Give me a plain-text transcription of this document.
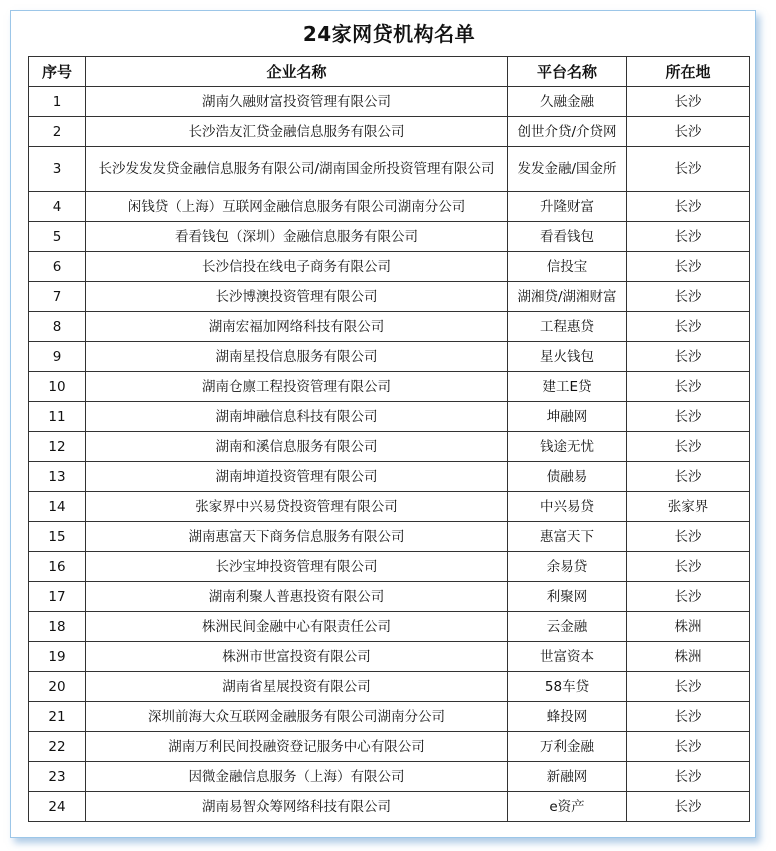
24家网贷机构名单			
序号	企业名称	平台名称	所在地
1	湖南久融财富投资管理有限公司	久融金融	长沙
2	长沙浩友汇贷金融信息服务有限公司	创世介贷/介贷网	长沙
3	长沙发发发贷金融信息服务有限公司/湖南国金所投资管理有限公司	发发金融/国金所	长沙
4	闲钱贷（上海）互联网金融信息服务有限公司湖南分公司	升隆财富	长沙
5	看看钱包（深圳）金融信息服务有限公司	看看钱包	长沙
6	长沙信投在线电子商务有限公司	信投宝	长沙
7	长沙博澳投资管理有限公司	湖湘贷/湖湘财富	长沙
8	湖南宏福加网络科技有限公司	工程惠贷	长沙
9	湖南星投信息服务有限公司	星火钱包	长沙
10	湖南仓廪工程投资管理有限公司	建工E贷	长沙
11	湖南坤融信息科技有限公司	坤融网	长沙
12	湖南和溪信息服务有限公司	钱途无忧	长沙
13	湖南坤道投资管理有限公司	债融易	长沙
14	张家界中兴易贷投资管理有限公司	中兴易贷	张家界
15	湖南惠富天下商务信息服务有限公司	惠富天下	长沙
16	长沙宝坤投资管理有限公司	余易贷	长沙
17	湖南利聚人普惠投资有限公司	利聚网	长沙
18	株洲民间金融中心有限责任公司	云金融	株洲
19	株洲市世富投资有限公司	世富资本	株洲
20	湖南省星展投资有限公司	58车贷	长沙
21	深圳前海大众互联网金融服务有限公司湖南分公司	蜂投网	长沙
22	湖南万利民间投融资登记服务中心有限公司	万利金融	长沙
23	因微金融信息服务（上海）有限公司	新融网	长沙
24	湖南易智众筹网络科技有限公司	e资产	长沙
